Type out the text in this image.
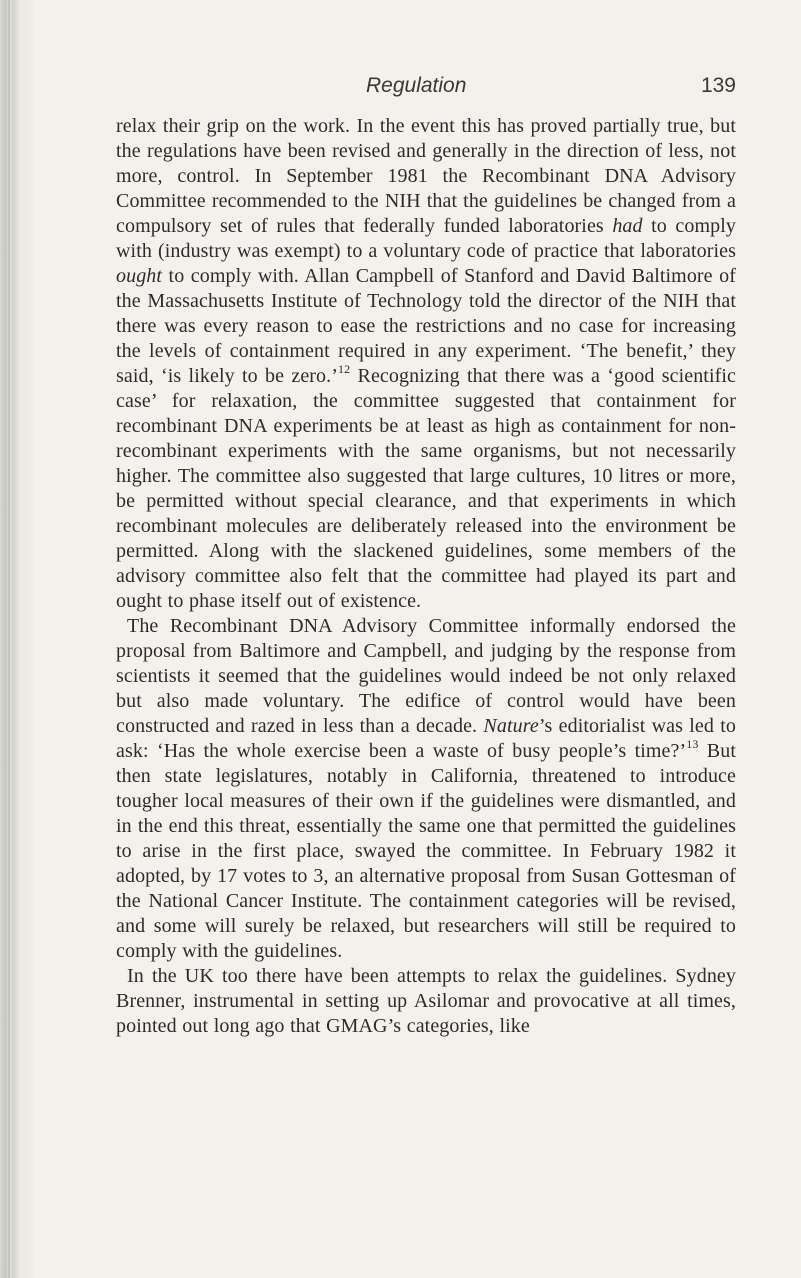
Regulation	139

relax their grip on the work. In the event this has proved partially true, but the regulations have been revised and generally in the direction of less, not more, control. In September 1981 the Recombinant DNA Advisory Committee recommended to the NIH that the guidelines be changed from a compulsory set of rules that federally funded laboratories had to comply with (industry was exempt) to a voluntary code of practice that laboratories ought to comply with. Allan Campbell of Stanford and David Baltimore of the Massachusetts Institute of Technology told the director of the NIH that there was every reason to ease the restrictions and no case for increasing the levels of containment required in any experiment. ‘The benefit,’ they said, ‘is likely to be zero.’$^{12}$ Recognizing that there was a ‘good scientific case’ for relaxation, the committee suggested that containment for recombinant DNA experiments be at least as high as containment for non-recombinant experiments with the same organisms, but not necessarily higher. The committee also suggested that large cultures, 10 litres or more, be permitted without special clearance, and that experiments in which recombinant molecules are deliberately released into the environment be permitted. Along with the slackened guidelines, some members of the advisory committee also felt that the committee had played its part and ought to phase itself out of existence.

The Recombinant DNA Advisory Committee informally endorsed the proposal from Baltimore and Campbell, and judging by the response from scientists it seemed that the guidelines would indeed be not only relaxed but also made voluntary. The edifice of control would have been constructed and razed in less than a decade. Nature’s editorialist was led to ask: ‘Has the whole exercise been a waste of busy people’s time?’$^{13}$ But then state legislatures, notably in California, threatened to introduce tougher local measures of their own if the guidelines were dismantled, and in the end this threat, essentially the same one that permitted the guidelines to arise in the first place, swayed the committee. In February 1982 it adopted, by 17 votes to 3, an alternative proposal from Susan Gottesman of the National Cancer Institute. The containment categories will be revised, and some will surely be relaxed, but researchers will still be required to comply with the guidelines.

In the UK too there have been attempts to relax the guidelines. Sydney Brenner, instrumental in setting up Asilomar and provocative at all times, pointed out long ago that GMAG’s categories, like
